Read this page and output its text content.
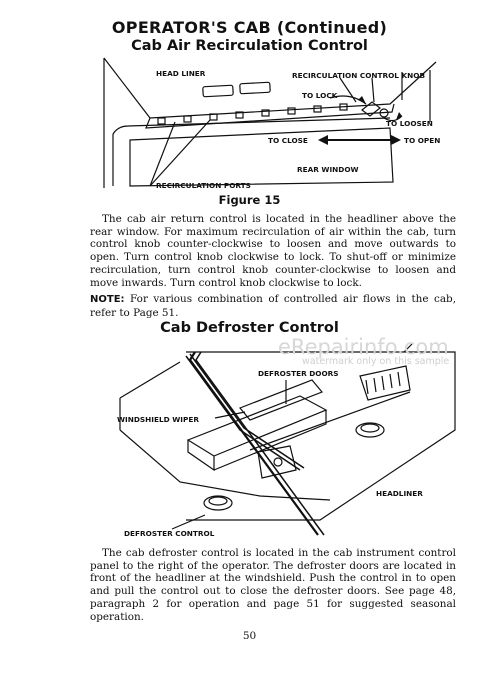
OPERATOR'S CAB (Continued)
Cab Air Recirculation Control
HEAD LINER	RECIRCULATION CONTROL KNOB
TO LOCK
TO LOOSEN
TO CLOSE	TO OPEN
REAR WINDOW
RECIRCULATION PORTS
DEFROSTER DOORS
WINDSHIELD WIPER
HEADLINER
DEFROSTER CONTROL
Figure 15

The cab air return control is located in the headliner above the rear window. For maximum recirculation of air within the cab, turn control knob counter-clockwise to loosen and move outwards to open. Turn control knob clockwise to lock. To shut-off or minimize recirculation, turn control knob counter-clockwise to loosen and move inwards. Turn control knob clockwise to lock.

NOTE: For various combination of controlled air flows in the cab, refer to Page 51.

Cab Defroster Control
eRepairinfo.com
watermark only on this sample

The cab defroster control is located in the cab instrument control panel to the right of the operator. The defroster doors are located in front of the headliner at the windshield. Push the control in to open and pull the control out to close the defroster doors. See page 48, paragraph 2 for operation and page 51 for suggested seasonal operation.

50
